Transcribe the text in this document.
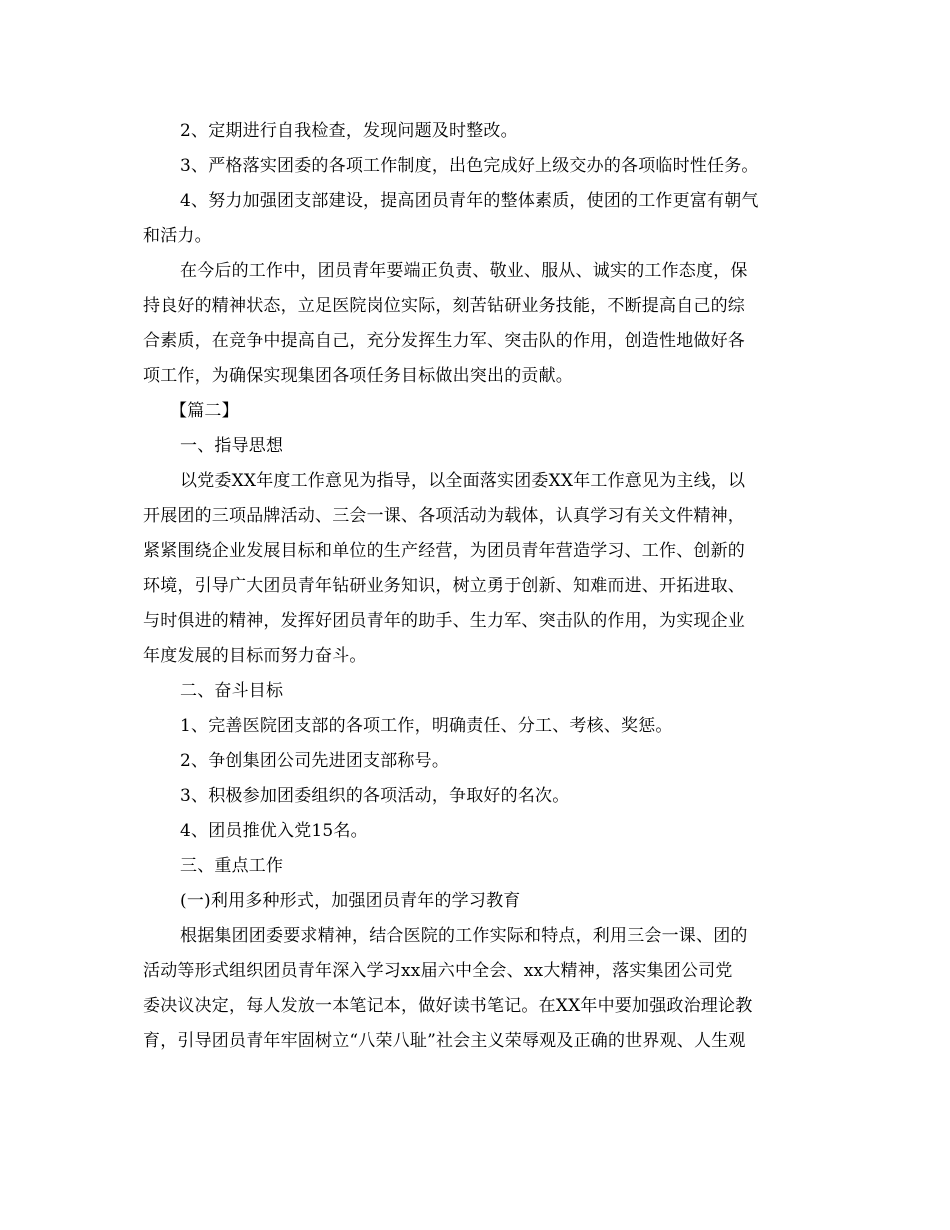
2、定期进行自我检查，发现问题及时整改。
3、严格落实团委的各项工作制度，出色完成好上级交办的各项临时性任务。
4、努力加强团支部建设，提高团员青年的整体素质，使团的工作更富有朝气
和活力。
在今后的工作中，团员青年要端正负责、敬业、服从、诚实的工作态度，保
持良好的精神状态，立足医院岗位实际，刻苦钻研业务技能，不断提高自己的综
合素质，在竞争中提高自己，充分发挥生力军、突击队的作用，创造性地做好各
项工作，为确保实现集团各项任务目标做出突出的贡献。
【篇二】
一、指导思想
以党委XX年度工作意见为指导，以全面落实团委XX年工作意见为主线，以
开展团的三项品牌活动、三会一课、各项活动为载体，认真学习有关文件精神，
紧紧围绕企业发展目标和单位的生产经营，为团员青年营造学习、工作、创新的
环境，引导广大团员青年钻研业务知识，树立勇于创新、知难而进、开拓进取、
与时俱进的精神，发挥好团员青年的助手、生力军、突击队的作用，为实现企业
年度发展的目标而努力奋斗。
二、奋斗目标
1、完善医院团支部的各项工作，明确责任、分工、考核、奖惩。
2、争创集团公司先进团支部称号。
3、积极参加团委组织的各项活动，争取好的名次。
4、团员推优入党15名。
三、重点工作
(一)利用多种形式，加强团员青年的学习教育
根据集团团委要求精神，结合医院的工作实际和特点，利用三会一课、团的
活动等形式组织团员青年深入学习xx届六中全会、xx大精神，落实集团公司党
委决议决定，每人发放一本笔记本，做好读书笔记。在XX年中要加强政治理论教
育，引导团员青年牢固树立“八荣八耻”社会主义荣辱观及正确的世界观、人生观
